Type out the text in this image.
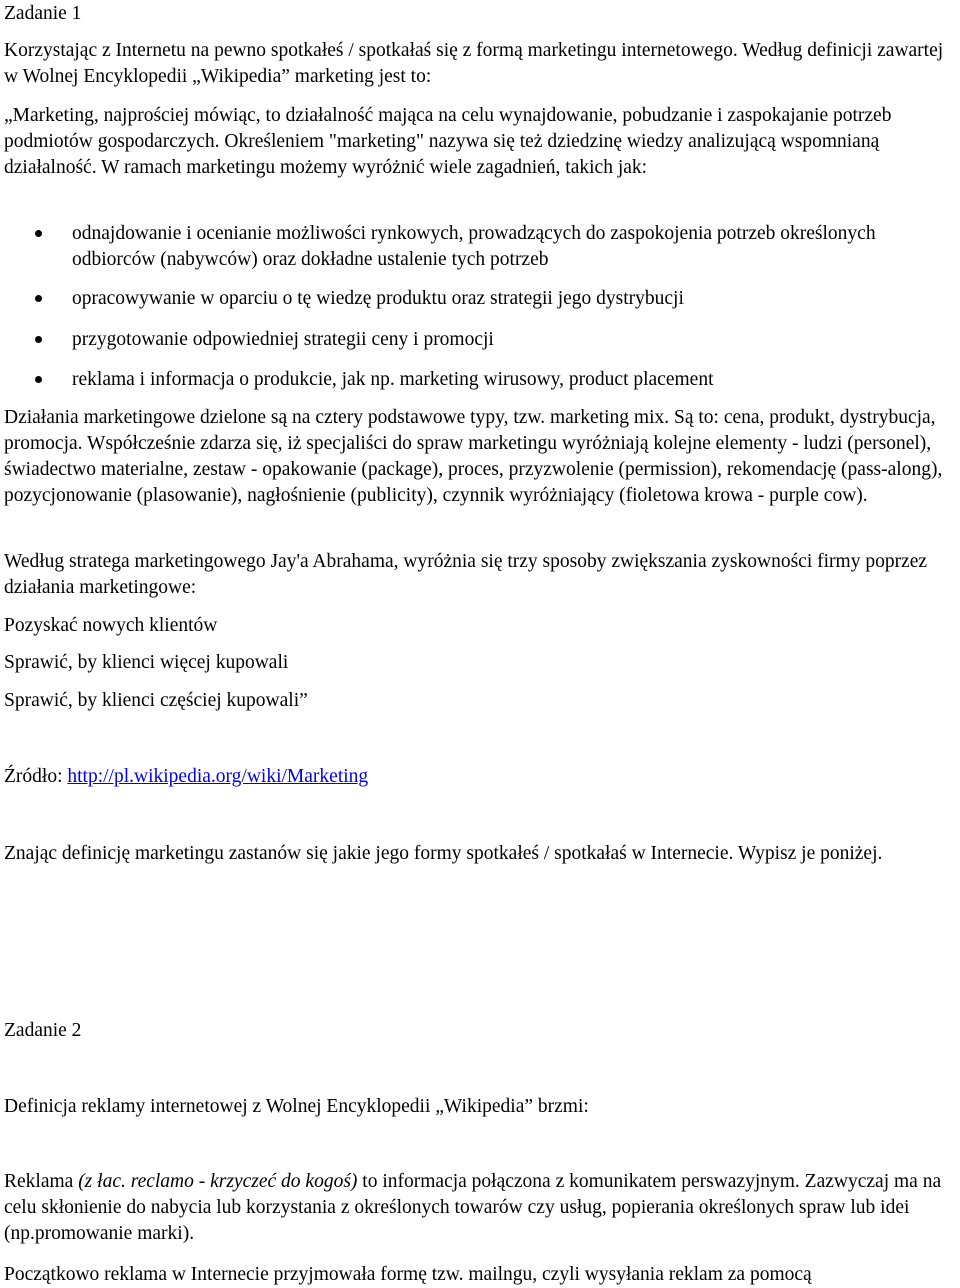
Zadanie 1

Korzystając z Internetu na pewno spotkałeś / spotkałaś się z formą marketingu internetowego. Według definicji zawartej w Wolnej Encyklopedii „Wikipedia” marketing jest to:

„Marketing, najprościej mówiąc, to działalność mająca na celu wynajdowanie, pobudzanie i zaspokajanie potrzeb podmiotów gospodarczych. Określeniem "marketing" nazywa się też dziedzinę wiedzy analizującą wspomnianą działalność. W ramach marketingu możemy wyróżnić wiele zagadnień, takich jak:

odnajdowanie i ocenianie możliwości rynkowych, prowadzących do zaspokojenia potrzeb określonych odbiorców (nabywców) oraz dokładne ustalenie tych potrzeb
opracowywanie w oparciu o tę wiedzę produktu oraz strategii jego dystrybucji
przygotowanie odpowiedniej strategii ceny i promocji
reklama i informacja o produkcie, jak np. marketing wirusowy, product placement

Działania marketingowe dzielone są na cztery podstawowe typy, tzw. marketing mix. Są to: cena, produkt, dystrybucja, promocja. Współcześnie zdarza się, iż specjaliści do spraw marketingu wyróżniają kolejne elementy - ludzi (personel), świadectwo materialne, zestaw - opakowanie (package), proces, przyzwolenie (permission), rekomendację (pass-along), pozycjonowanie (plasowanie), nagłośnienie (publicity), czynnik wyróżniający (fioletowa krowa - purple cow).

Według stratega marketingowego Jay'a Abrahama, wyróżnia się trzy sposoby zwiększania zyskowności firmy poprzez działania marketingowe:

Pozyskać nowych klientów

Sprawić, by klienci więcej kupowali

Sprawić, by klienci częściej kupowali”

Źródło: http://pl.wikipedia.org/wiki/Marketing

Znając definicję marketingu zastanów się jakie jego formy spotkałeś / spotkałaś w Internecie. Wypisz je poniżej.

Zadanie 2

Definicja reklamy internetowej z Wolnej Encyklopedii „Wikipedia” brzmi:

Reklama (z łac. reclamo - krzyczeć do kogoś) to informacja połączona z komunikatem perswazyjnym. Zazwyczaj ma na celu skłonienie do nabycia lub korzystania z określonych towarów czy usług, popierania określonych spraw lub idei (np.promowanie marki).

Początkowo reklama w Internecie przyjmowała formę tzw. mailngu, czyli wysyłania reklam za pomocą
